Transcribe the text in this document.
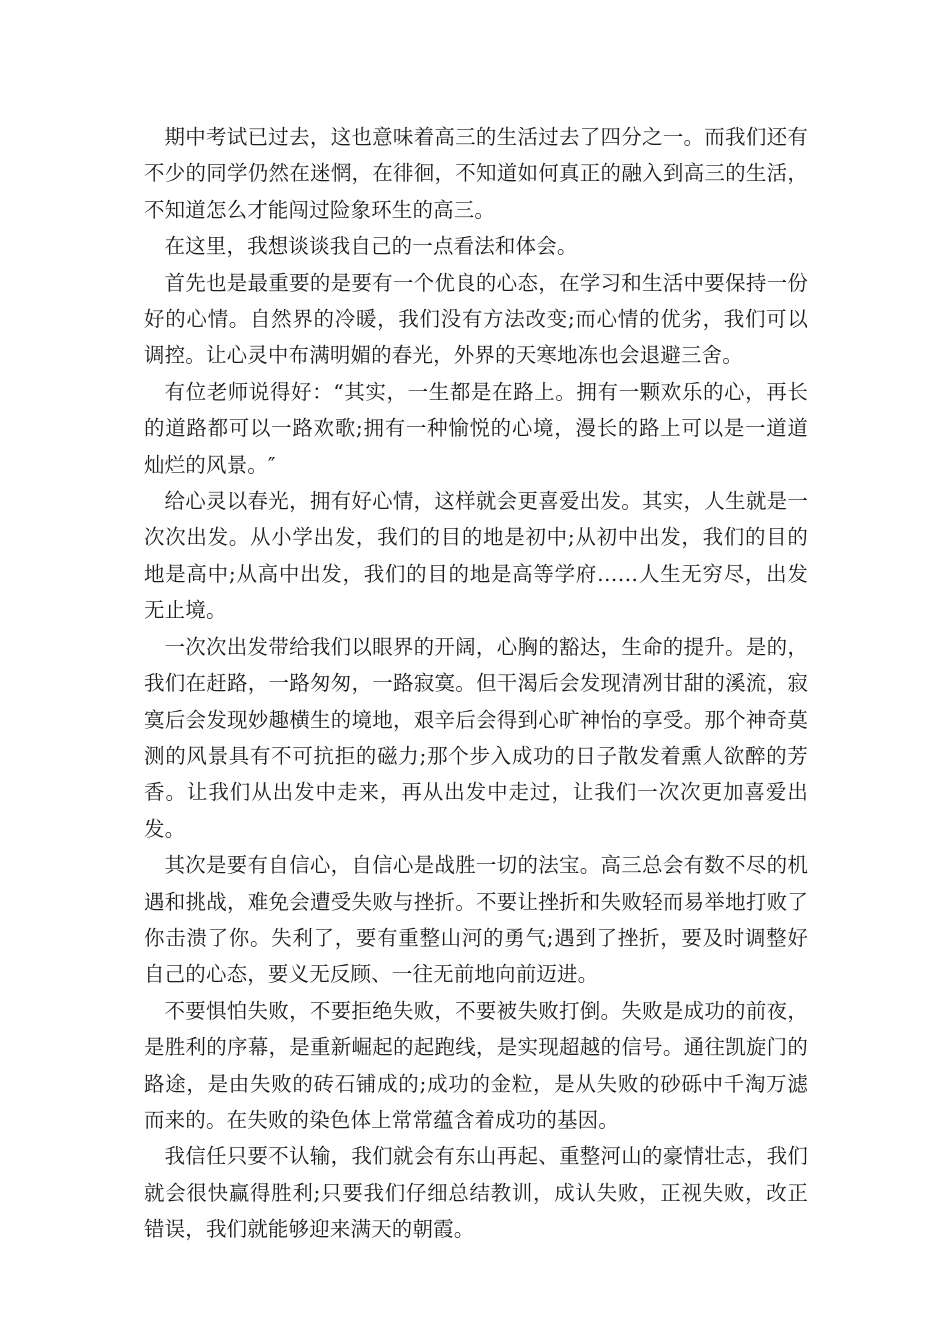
期中考试已过去，这也意味着高三的生活过去了四分之一。而我们还有不少的同学仍然在迷惘，在徘徊，不知道如何真正的融入到高三的生活，不知道怎么才能闯过险象环生的高三。

在这里，我想谈谈我自己的一点看法和体会。

首先也是最重要的是要有一个优良的心态，在学习和生活中要保持一份好的心情。自然界的冷暖，我们没有方法改变;而心情的优劣，我们可以调控。让心灵中布满明媚的春光，外界的天寒地冻也会退避三舍。

有位老师说得好：“其实，一生都是在路上。拥有一颗欢乐的心，再长的道路都可以一路欢歌;拥有一种愉悦的心境，漫长的路上可以是一道道灿烂的风景。″

给心灵以春光，拥有好心情，这样就会更喜爱出发。其实，人生就是一次次出发。从小学出发，我们的目的地是初中;从初中出发，我们的目的地是高中;从高中出发，我们的目的地是高等学府……人生无穷尽，出发无止境。

一次次出发带给我们以眼界的开阔，心胸的豁达，生命的提升。是的，我们在赶路，一路匆匆，一路寂寞。但干渴后会发现清冽甘甜的溪流，寂寞后会发现妙趣横生的境地，艰辛后会得到心旷神怡的享受。那个神奇莫测的风景具有不可抗拒的磁力;那个步入成功的日子散发着熏人欲醉的芳香。让我们从出发中走来，再从出发中走过，让我们一次次更加喜爱出发。

其次是要有自信心，自信心是战胜一切的法宝。高三总会有数不尽的机遇和挑战，难免会遭受失败与挫折。不要让挫折和失败轻而易举地打败了你击溃了你。失利了，要有重整山河的勇气;遇到了挫折，要及时调整好自己的心态，要义无反顾、一往无前地向前迈进。

不要惧怕失败，不要拒绝失败，不要被失败打倒。失败是成功的前夜，是胜利的序幕，是重新崛起的起跑线，是实现超越的信号。通往凯旋门的路途，是由失败的砖石铺成的;成功的金粒，是从失败的砂砾中千淘万滤而来的。在失败的染色体上常常蕴含着成功的基因。

我信任只要不认输，我们就会有东山再起、重整河山的豪情壮志，我们就会很快赢得胜利;只要我们仔细总结教训，成认失败，正视失败，改正错误，我们就能够迎来满天的朝霞。
